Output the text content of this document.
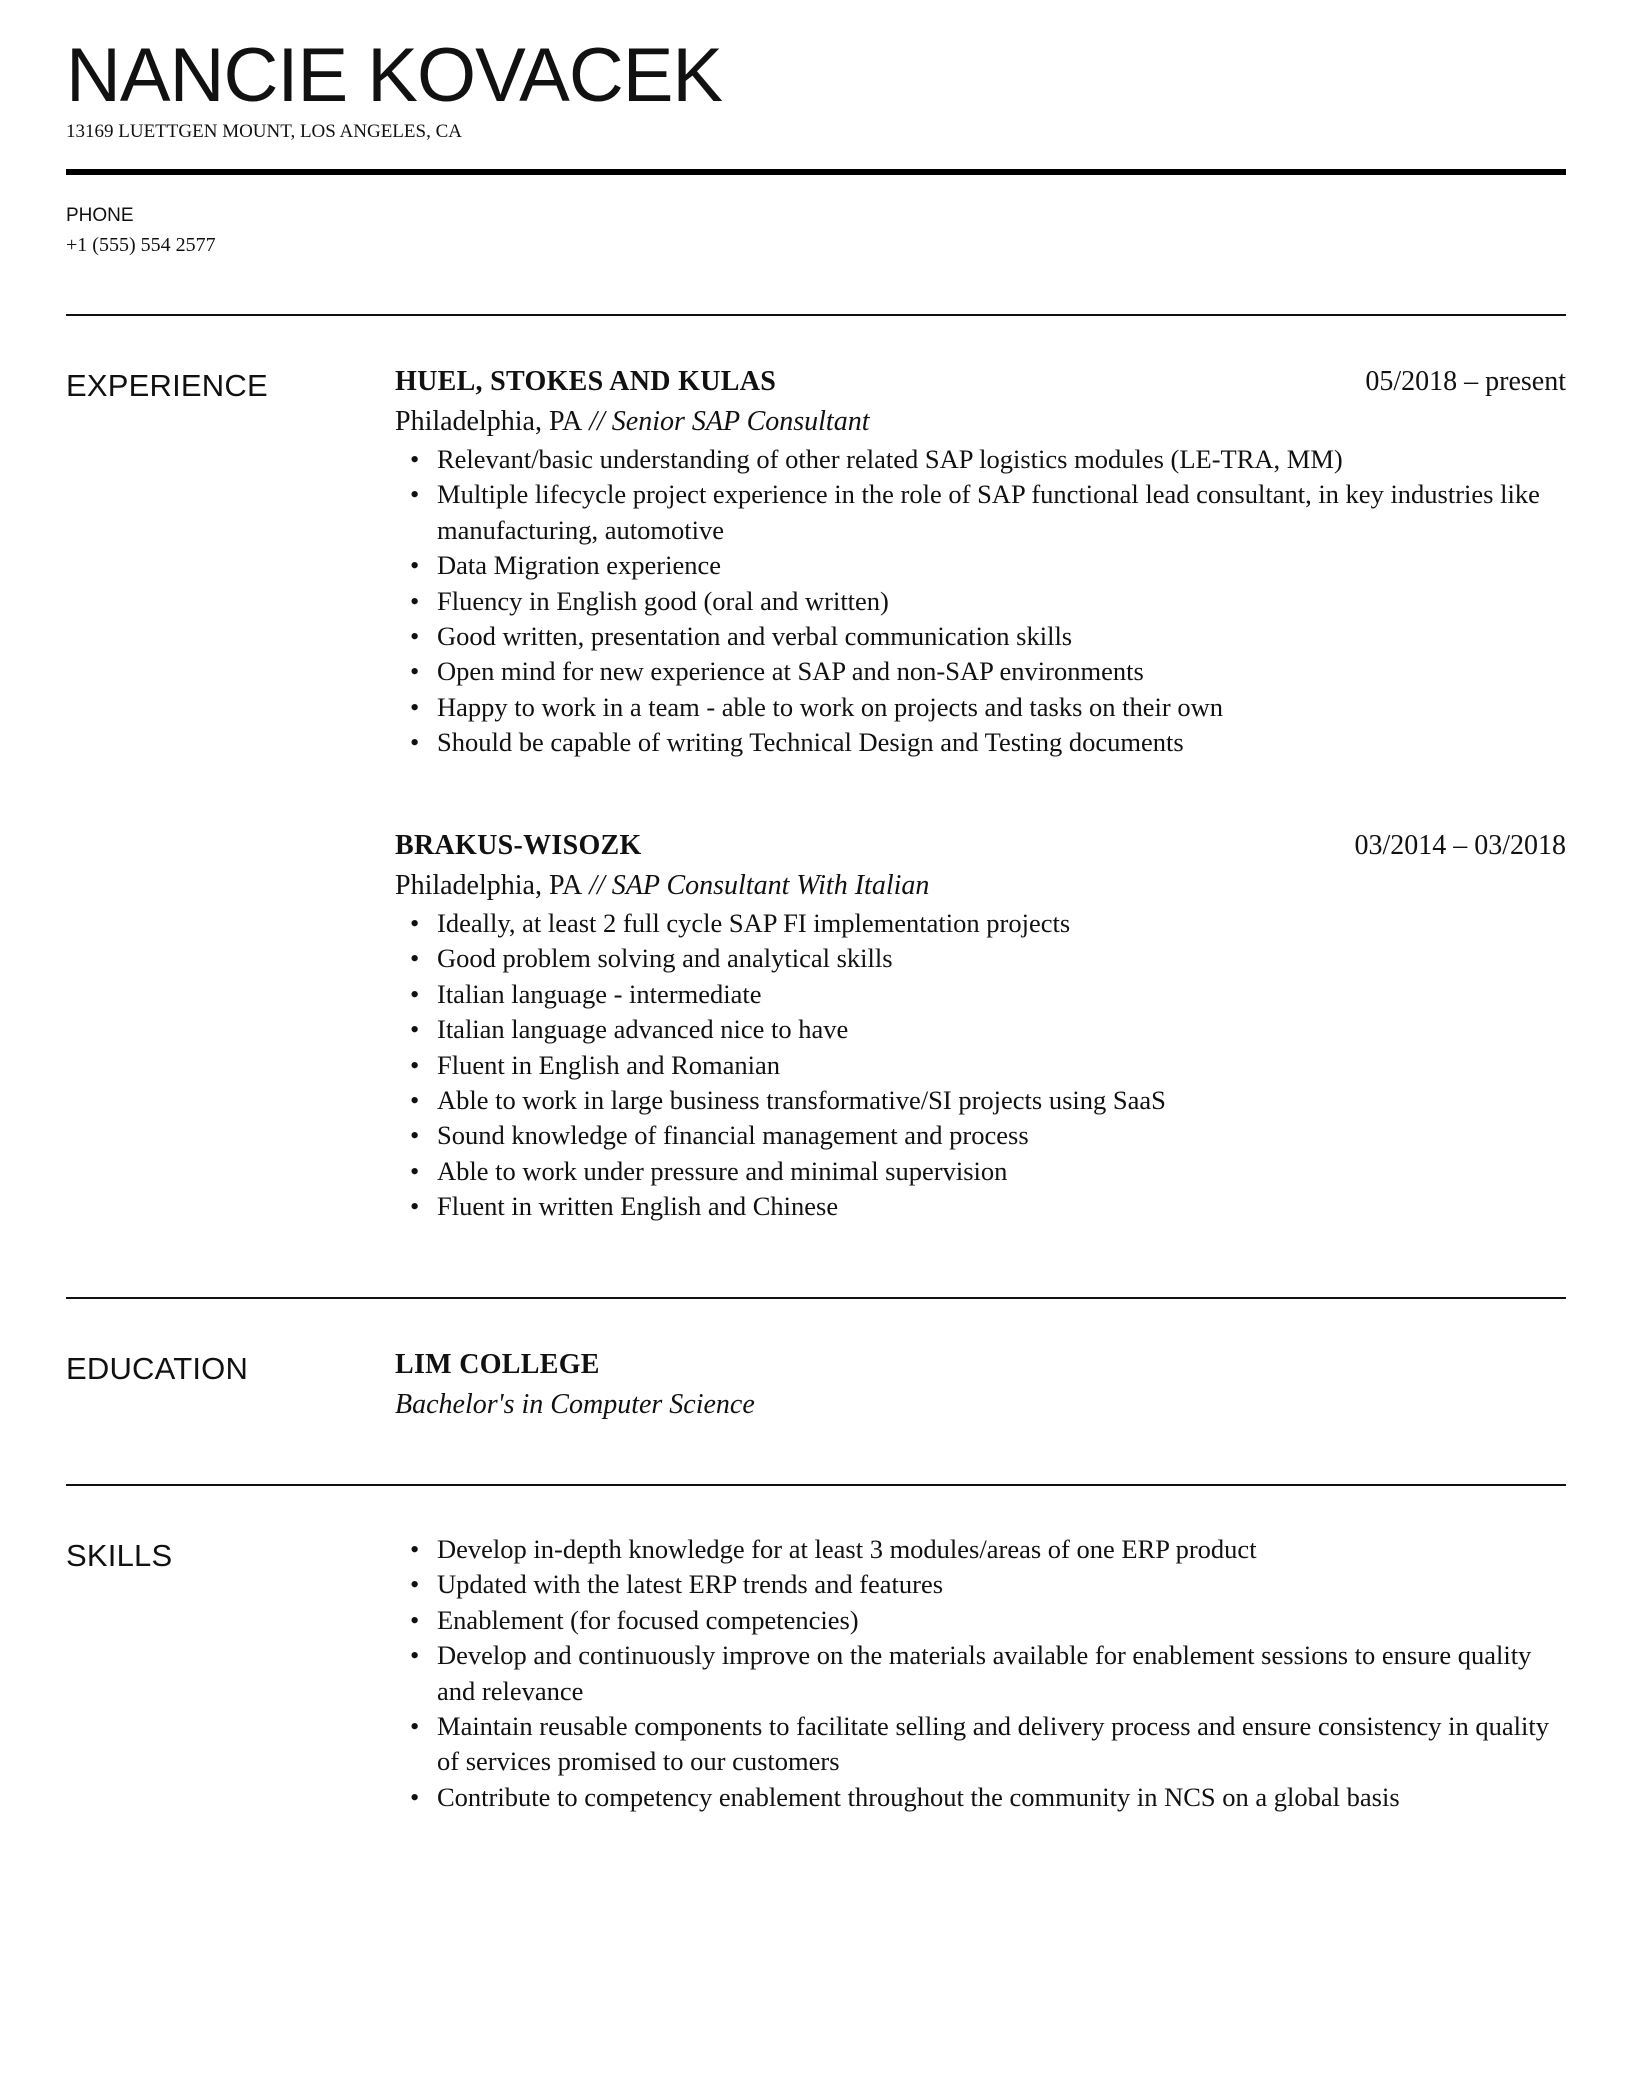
NANCIE KOVACEK
13169 LUETTGEN MOUNT, LOS ANGELES, CA
PHONE
+1 (555) 554 2577
EXPERIENCE	HUEL, STOKES AND KULAS	05/2018 – present
Philadelphia, PA // Senior SAP Consultant
• Relevant/basic understanding of other related SAP logistics modules (LE-TRA, MM)
• Multiple lifecycle project experience in the role of SAP functional lead consultant, in key industries like manufacturing, automotive
• Data Migration experience
• Fluency in English good (oral and written)
• Good written, presentation and verbal communication skills
• Open mind for new experience at SAP and non-SAP environments
• Happy to work in a team - able to work on projects and tasks on their own
• Should be capable of writing Technical Design and Testing documents
BRAKUS-WISOZK	03/2014 – 03/2018
Philadelphia, PA // SAP Consultant With Italian
• Ideally, at least 2 full cycle SAP FI implementation projects
• Good problem solving and analytical skills
• Italian language - intermediate
• Italian language advanced nice to have
• Fluent in English and Romanian
• Able to work in large business transformative/SI projects using SaaS
• Sound knowledge of financial management and process
• Able to work under pressure and minimal supervision
• Fluent in written English and Chinese
EDUCATION	LIM COLLEGE
Bachelor's in Computer Science
SKILLS
•	Develop in-depth knowledge for at least 3 modules/areas of one ERP product
• Updated with the latest ERP trends and features
• Enablement (for focused competencies)
• Develop and continuously improve on the materials available for enablement sessions to ensure quality and relevance
• Maintain reusable components to facilitate selling and delivery process and ensure consistency in quality of services promised to our customers
• Contribute to competency enablement throughout the community in NCS on a global basis
